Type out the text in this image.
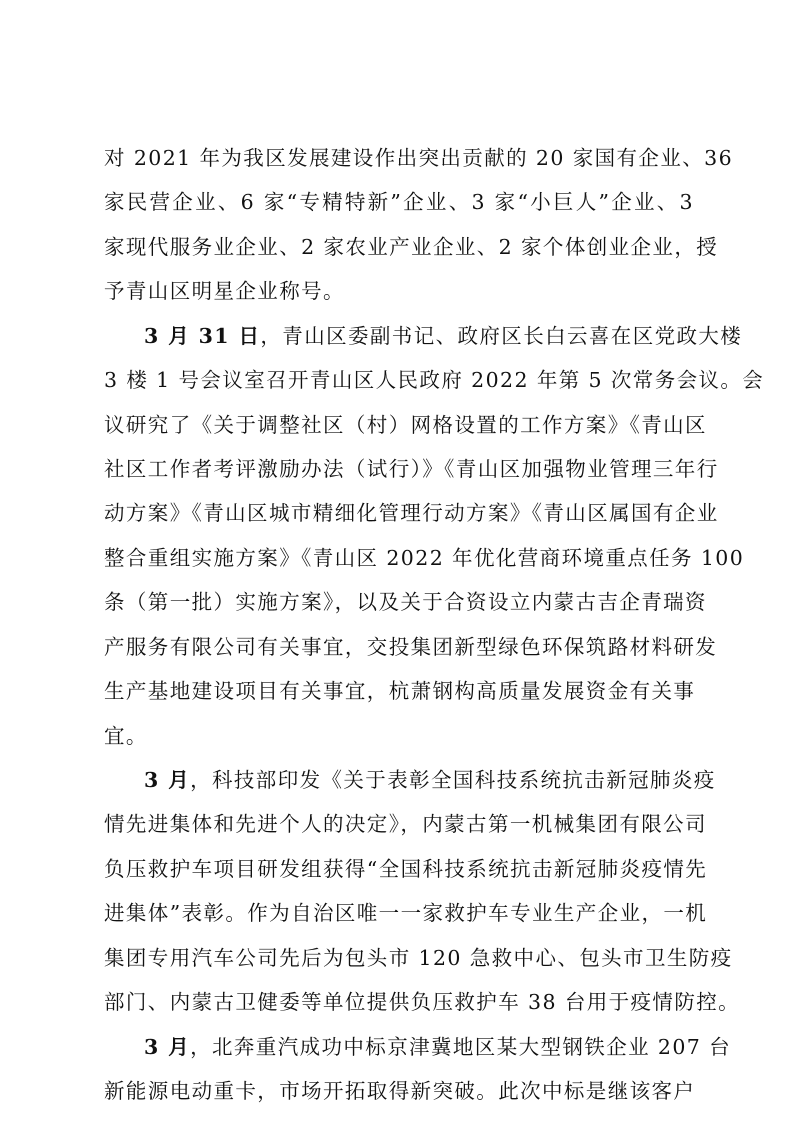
对 2021 年为我区发展建设作出突出贡献的 20 家国有企业、36
家民营企业、6 家“专精特新”企业、3 家“小巨人”企业、3
家现代服务业企业、2 家农业产业企业、2 家个体创业企业，授
予青山区明星企业称号。
3 月 31 日，青山区委副书记、政府区长白云喜在区党政大楼
3 楼 1 号会议室召开青山区人民政府 2022 年第 5 次常务会议。会
议研究了《关于调整社区（村）网格设置的工作方案》《青山区
社区工作者考评激励办法（试行）》《青山区加强物业管理三年行
动方案》《青山区城市精细化管理行动方案》《青山区属国有企业
整合重组实施方案》《青山区 2022 年优化营商环境重点任务 100
条（第一批）实施方案》，以及关于合资设立内蒙古吉企青瑞资
产服务有限公司有关事宜，交投集团新型绿色环保筑路材料研发
生产基地建设项目有关事宜，杭萧钢构高质量发展资金有关事
宜。
3 月，科技部印发《关于表彰全国科技系统抗击新冠肺炎疫
情先进集体和先进个人的决定》，内蒙古第一机械集团有限公司
负压救护车项目研发组获得“全国科技系统抗击新冠肺炎疫情先
进集体”表彰。作为自治区唯一一家救护车专业生产企业，一机
集团专用汽车公司先后为包头市 120 急救中心、包头市卫生防疫
部门、内蒙古卫健委等单位提供负压救护车 38 台用于疫情防控。
3 月，北奔重汽成功中标京津冀地区某大型钢铁企业 207 台
新能源电动重卡，市场开拓取得新突破。此次中标是继该客户
